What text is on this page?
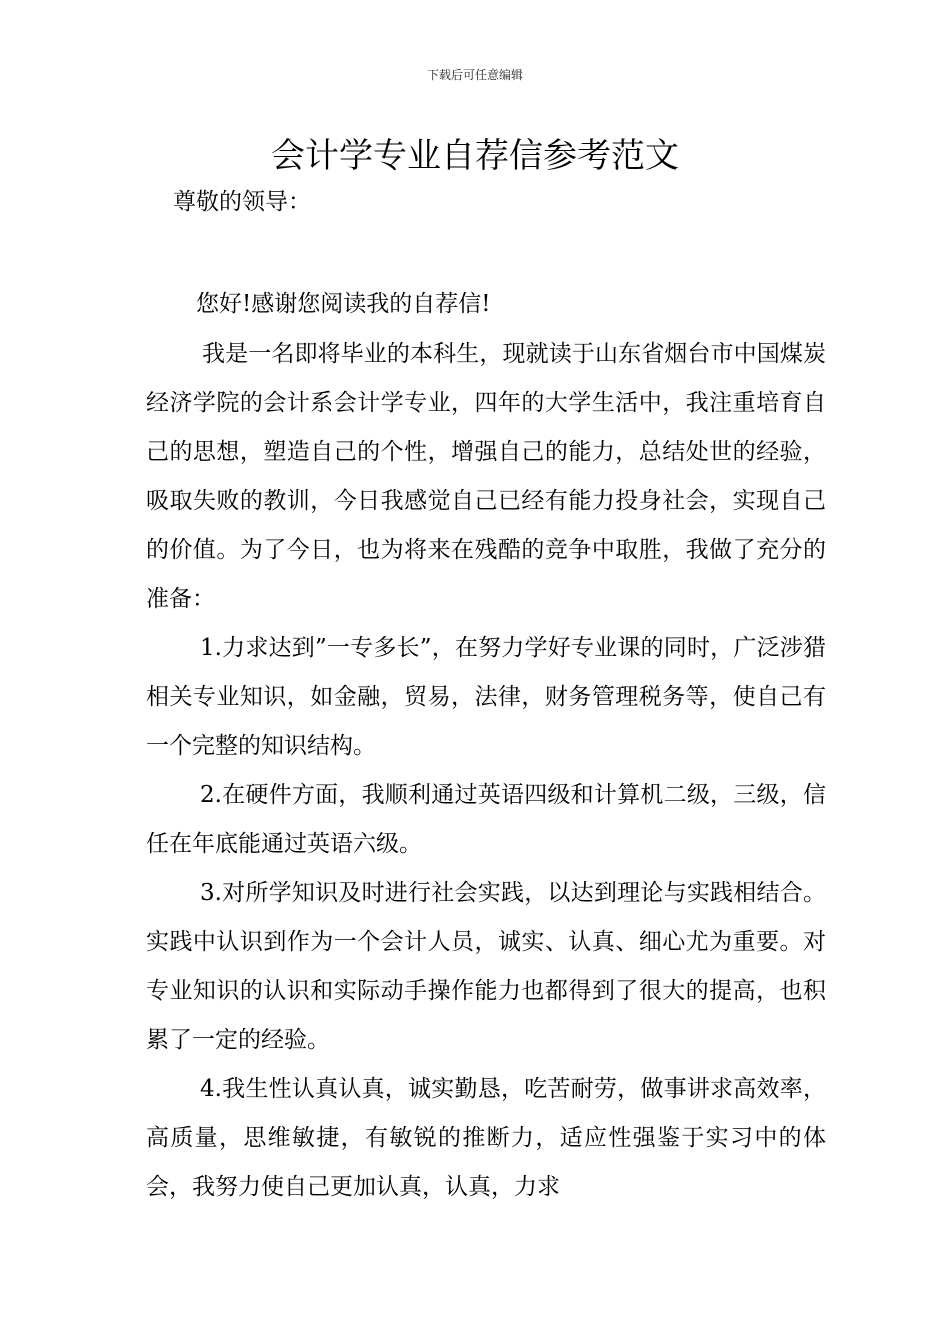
下载后可任意编辑
会计学专业自荐信参考范文
尊敬的领导：
您好!感谢您阅读我的自荐信!

我是一名即将毕业的本科生，现就读于山东省烟台市中国煤炭经济学院的会计系会计学专业，四年的大学生活中，我注重培育自己的思想，塑造自己的个性，增强自己的能力，总结处世的经验，吸取失败的教训，今日我感觉自己已经有能力投身社会，实现自己的价值。为了今日，也为将来在残酷的竞争中取胜，我做了充分的准备：

1.力求达到”一专多长”，在努力学好专业课的同时，广泛涉猎相关专业知识，如金融，贸易，法律，财务管理税务等，使自己有一个完整的知识结构。

2.在硬件方面，我顺利通过英语四级和计算机二级，三级，信任在年底能通过英语六级。

3.对所学知识及时进行社会实践，以达到理论与实践相结合。实践中认识到作为一个会计人员，诚实、认真、细心尤为重要。对专业知识的认识和实际动手操作能力也都得到了很大的提高，也积累了一定的经验。

4.我生性认真认真，诚实勤恳，吃苦耐劳，做事讲求高效率，高质量，思维敏捷，有敏锐的推断力，适应性强鉴于实习中的体会，我努力使自己更加认真，认真，力求
